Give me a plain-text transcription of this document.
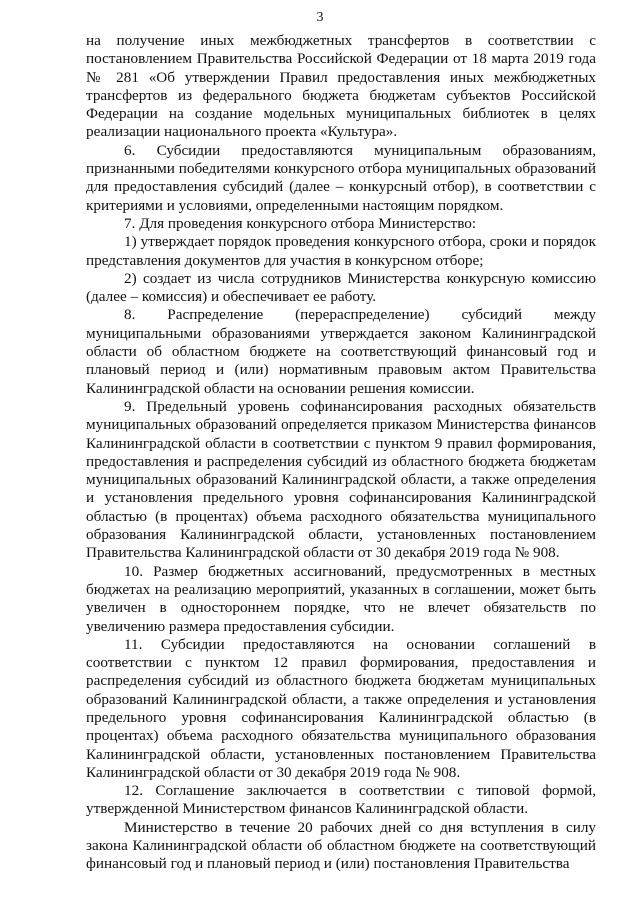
3

на получение иных межбюджетных трансфертов в соответствии с постановлением Правительства Российской Федерации от 18 марта 2019 года № 281 «Об утверждении Правил предоставления иных межбюджетных трансфертов из федерального бюджета бюджетам субъектов Российской Федерации на создание модельных муниципальных библиотек в целях реализации национального проекта «Культура».

6. Субсидии предоставляются муниципальным образованиям, признанными победителями конкурсного отбора муниципальных образований для предоставления субсидий (далее – конкурсный отбор), в соответствии с критериями и условиями, определенными настоящим порядком.

7. Для проведения конкурсного отбора Министерство:

1) утверждает порядок проведения конкурсного отбора, сроки и порядок представления документов для участия в конкурсном отборе;

2) создает из числа сотрудников Министерства конкурсную комиссию (далее – комиссия) и обеспечивает ее работу.

8. Распределение (перераспределение) субсидий между муниципальными образованиями утверждается законом Калининградской области об областном бюджете на соответствующий финансовый год и плановый период и (или) нормативным правовым актом Правительства Калининградской области на основании решения комиссии.

9. Предельный уровень софинансирования расходных обязательств муниципальных образований определяется приказом Министерства финансов Калининградской области в соответствии с пунктом 9 правил формирования, предоставления и распределения субсидий из областного бюджета бюджетам муниципальных образований Калининградской области, а также определения и установления предельного уровня софинансирования Калининградской областью (в процентах) объема расходного обязательства муниципального образования Калининградской области, установленных постановлением Правительства Калининградской области от 30 декабря 2019 года № 908.

10. Размер бюджетных ассигнований, предусмотренных в местных бюджетах на реализацию мероприятий, указанных в соглашении, может быть увеличен в одностороннем порядке, что не влечет обязательств по увеличению размера предоставления субсидии.

11. Субсидии предоставляются на основании соглашений в соответствии с пунктом 12 правил формирования, предоставления и распределения субсидий из областного бюджета бюджетам муниципальных образований Калининградской области, а также определения и установления предельного уровня софинансирования Калининградской областью (в процентах) объема расходного обязательства муниципального образования Калининградской области, установленных постановлением Правительства Калининградской области от 30 декабря 2019 года № 908.

12. Соглашение заключается в соответствии с типовой формой, утвержденной Министерством финансов Калининградской области.

Министерство в течение 20 рабочих дней со дня вступления в силу закона Калининградской области об областном бюджете на соответствующий финансовый год и плановый период и (или) постановления Правительства
